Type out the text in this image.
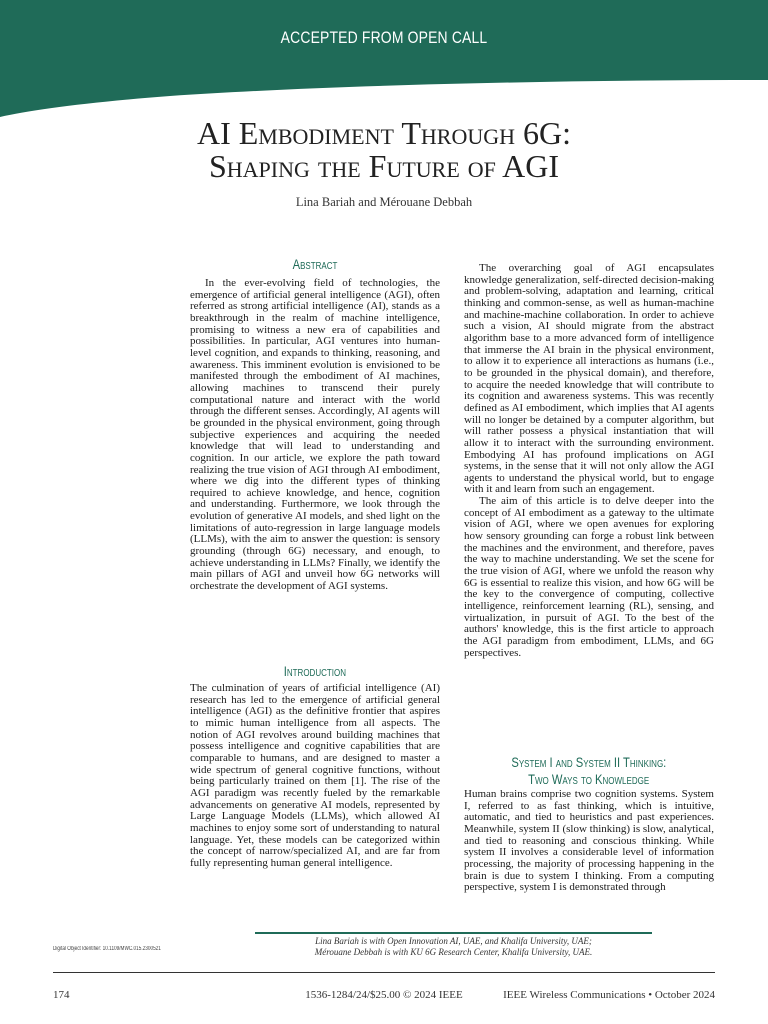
ACCEPTED FROM OPEN CALL
AI Embodiment Through 6G:
Shaping the Future of AGI
Lina Bariah and Mérouane Debbah
Abstract

In the ever-evolving field of technologies, the emergence of artificial general intelligence (AGI), often referred as strong artificial intelligence (AI), stands as a breakthrough in the realm of machine intelligence, promising to witness a new era of capabilities and possibilities. In particular, AGI ventures into human-level cognition, and expands to thinking, reasoning, and awareness. This imminent evolution is envisioned to be manifested through the embodiment of AI machines, allowing machines to transcend their purely computational nature and interact with the world through the different senses. Accordingly, AI agents will be grounded in the physical environment, going through subjective experiences and acquiring the needed knowledge that will lead to understanding and cognition. In our article, we explore the path toward realizing the true vision of AGI through AI embodiment, where we dig into the different types of thinking required to achieve knowledge, and hence, cognition and understanding. Furthermore, we look through the evolution of generative AI models, and shed light on the limitations of auto-regression in large language models (LLMs), with the aim to answer the question: is sensory grounding (through 6G) necessary, and enough, to achieve understanding in LLMs? Finally, we identify the main pillars of AGI and unveil how 6G networks will orchestrate the development of AGI systems.

Introduction

The culmination of years of artificial intelligence (AI) research has led to the emergence of artificial general intelligence (AGI) as the definitive frontier that aspires to mimic human intelligence from all aspects. The notion of AGI revolves around building machines that possess intelligence and cognitive capabilities that are comparable to humans, and are designed to master a wide spectrum of general cognitive functions, without being particularly trained on them [1]. The rise of the AGI paradigm was recently fueled by the remarkable advancements on generative AI models, represented by Large Language Models (LLMs), which allowed AI machines to enjoy some sort of understanding to natural language. Yet, these models can be categorized within the concept of narrow/specialized AI, and are far from fully representing human general intelligence.

The overarching goal of AGI encapsulates knowledge generalization, self-directed decision-making and problem-solving, adaptation and learning, critical thinking and common-sense, as well as human-machine and machine-machine collaboration. In order to achieve such a vision, AI should migrate from the abstract algorithm base to a more advanced form of intelligence that immerse the AI brain in the physical environment, to allow it to experience all interactions as humans (i.e., to be grounded in the physical domain), and therefore, to acquire the needed knowledge that will contribute to its cognition and awareness systems. This was recently defined as AI embodiment, which implies that AI agents will no longer be detained by a computer algorithm, but will rather possess a physical instantiation that will allow it to interact with the surrounding environment. Embodying AI has profound implications on AGI systems, in the sense that it will not only allow the AGI agents to understand the physical world, but to engage with it and learn from such an engagement.

The aim of this article is to delve deeper into the concept of AI embodiment as a gateway to the ultimate vision of AGI, where we open avenues for exploring how sensory grounding can forge a robust link between the machines and the environment, and therefore, paves the way to machine understanding. We set the scene for the true vision of AGI, where we unfold the reason why 6G is essential to realize this vision, and how 6G will be the key to the convergence of computing, collective intelligence, reinforcement learning (RL), sensing, and virtualization, in pursuit of AGI. To the best of the authors' knowledge, this is the first article to approach the AGI paradigm from embodiment, LLMs, and 6G perspectives.

System I and System II Thinking:
Two Ways to Knowledge

Human brains comprise two cognition systems. System I, referred to as fast thinking, which is intuitive, automatic, and tied to heuristics and past experiences. Meanwhile, system II (slow thinking) is slow, analytical, and tied to reasoning and conscious thinking. While system II involves a considerable level of information processing, the majority of processing happening in the brain is due to system I thinking. From a computing perspective, system I is demonstrated through

Lina Bariah is with Open Innovation AI, UAE, and Khalifa University, UAE;
Mérouane Debbah is with KU 6G Research Center, Khalifa University, UAE.
Digital Object Identifier: 10.1109/MWC.015.2300521
174	1536-1284/24/$25.00 © 2024 IEEE	IEEE Wireless Communications • October 2024
